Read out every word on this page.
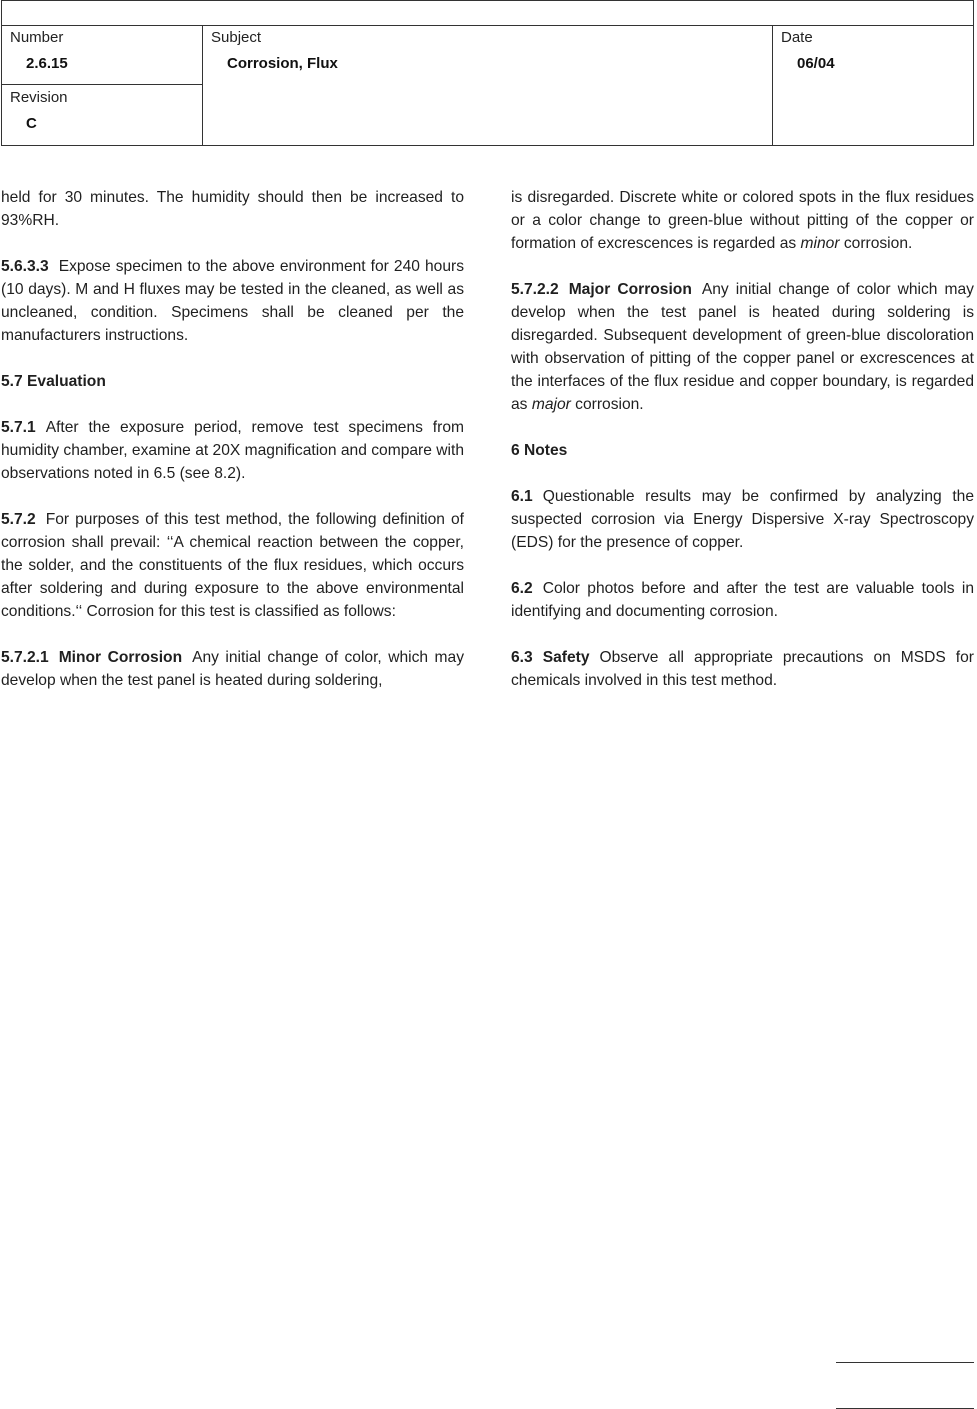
Number
2.6.15
Revision
C
Subject
Corrosion, Flux
Date
06/04

held for 30 minutes. The humidity should then be increased to 93%RH.

5.6.3.3 Expose specimen to the above environment for 240 hours (10 days). M and H fluxes may be tested in the cleaned, as well as uncleaned, condition. Specimens shall be cleaned per the manufacturers instructions.

5.7 Evaluation

5.7.1 After the exposure period, remove test specimens from humidity chamber, examine at 20X magnification and compare with observations noted in 6.5 (see 8.2).

5.7.2 For purposes of this test method, the following definition of corrosion shall prevail: ‘‘A chemical reaction between the copper, the solder, and the constituents of the flux residues, which occurs after soldering and during exposure to the above environmental conditions.‘‘ Corrosion for this test is classified as follows:

5.7.2.1 Minor Corrosion Any initial change of color, which may develop when the test panel is heated during soldering,

is disregarded. Discrete white or colored spots in the flux residues or a color change to green-blue without pitting of the copper or formation of excrescences is regarded as minor corrosion.

5.7.2.2 Major Corrosion Any initial change of color which may develop when the test panel is heated during soldering is disregarded. Subsequent development of green-blue discoloration with observation of pitting of the copper panel or excrescences at the interfaces of the flux residue and copper boundary, is regarded as major corrosion.

6 Notes

6.1 Questionable results may be confirmed by analyzing the suspected corrosion via Energy Dispersive X-ray Spectroscopy (EDS) for the presence of copper.

6.2 Color photos before and after the test are valuable tools in identifying and documenting corrosion.

6.3 Safety Observe all appropriate precautions on MSDS for chemicals involved in this test method.
